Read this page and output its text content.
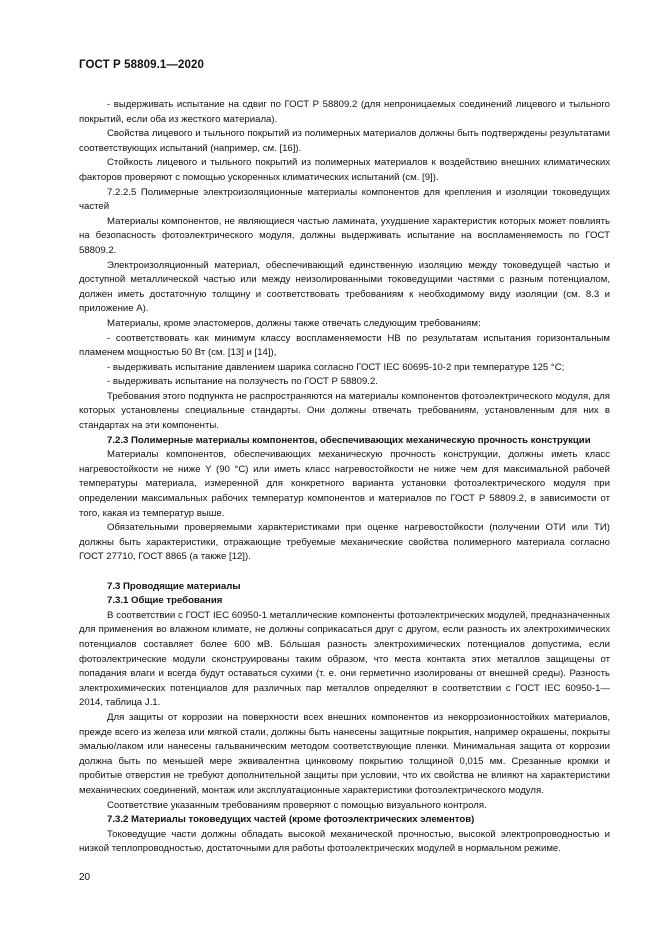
ГОСТ Р 58809.1—2020

- выдерживать испытание на сдвиг по ГОСТ Р 58809.2 (для непроницаемых соединений лицевого и тыльного покрытий, если оба из жесткого материала).

Свойства лицевого и тыльного покрытий из полимерных материалов должны быть подтверждены результатами соответствующих испытаний (например, см. [16]).

Стойкость лицевого и тыльного покрытий из полимерных материалов к воздействию внешних климатических факторов проверяют с помощью ускоренных климатических испытаний (см. [9]).

7.2.2.5 Полимерные электроизоляционные материалы компонентов для крепления и изоляции токоведущих частей

Материалы компонентов, не являющиеся частью ламината, ухудшение характеристик которых может повлиять на безопасность фотоэлектрического модуля, должны выдерживать испытание на воспламеняемость по ГОСТ 58809.2.

Электроизоляционный материал, обеспечивающий единственную изоляцию между токоведущей частью и доступной металлической частью или между неизолированными токоведущими частями с разным потенциалом, должен иметь достаточную толщину и соответствовать требованиям к необходимому виду изоляции (см. 8.3 и приложение А).

Материалы, кроме эластомеров, должны также отвечать следующим требованиям:

- соответствовать как минимум классу воспламеняемости НВ по результатам испытания горизонтальным пламенем мощностью 50 Вт (см. [13] и [14]),

- выдерживать испытание давлением шарика согласно ГОСТ IEC 60695-10-2 при температуре 125 °С;

- выдерживать испытание на ползучесть по ГОСТ Р 58809.2.

Требования этого подпункта не распространяются на материалы компонентов фотоэлектрического модуля, для которых установлены специальные стандарты. Они должны отвечать требованиям, установленным для них в стандартах на эти компоненты.

7.2.3 Полимерные материалы компонентов, обеспечивающих механическую прочность конструкции

Материалы компонентов, обеспечивающих механическую прочность конструкции, должны иметь класс нагревостойкости не ниже Y (90 °С) или иметь класс нагревостойкости не ниже чем для максимальной рабочей температуры материала, измеренной для конкретного варианта установки фотоэлектрического модуля при определении максимальных рабочих температур компонентов и материалов по ГОСТ Р 58809.2, в зависимости от того, какая из температур выше.

Обязательными проверяемыми характеристиками при оценке нагревостойкости (получении ОТИ или ТИ) должны быть характеристики, отражающие требуемые механические свойства полимерного материала согласно ГОСТ 27710, ГОСТ 8865 (а также [12]).

7.3 Проводящие материалы

7.3.1 Общие требования

В соответствии с ГОСТ IEC 60950-1 металлические компоненты фотоэлектрических модулей, предназначенных для применения во влажном климате, не должны соприкасаться друг с другом, если разность их электрохимических потенциалов составляет более 600 мВ. Бóльшая разность электрохимических потенциалов допустима, если фотоэлектрические модули сконструированы таким образом, что места контакта этих металлов защищены от попадания влаги и всегда будут оставаться сухими (т. е. они герметично изолированы от внешней среды). Разность электрохимических потенциалов для различных пар металлов определяют в соответствии с ГОСТ IEC 60950-1—2014, таблица J.1.

Для защиты от коррозии на поверхности всех внешних компонентов из некоррозионностойких материалов, прежде всего из железа или мягкой стали, должны быть нанесены защитные покрытия, например окрашены, покрыты эмалью/лаком или нанесены гальваническим методом соответствующие пленки. Минимальная защита от коррозии должна быть по меньшей мере эквивалентна цинковому покрытию толщиной 0,015 мм. Срезанные кромки и пробитые отверстия не требуют дополнительной защиты при условии, что их свойства не влияют на характеристики механических соединений, монтаж или эксплуатационные характеристики фотоэлектрического модуля.

Соответствие указанным требованиям проверяют с помощью визуального контроля.

7.3.2 Материалы токоведущих частей (кроме фотоэлектрических элементов)

Токоведущие части должны обладать высокой механической прочностью, высокой электропроводностью и низкой теплопроводностью, достаточными для работы фотоэлектрических модулей в нормальном режиме.

20
